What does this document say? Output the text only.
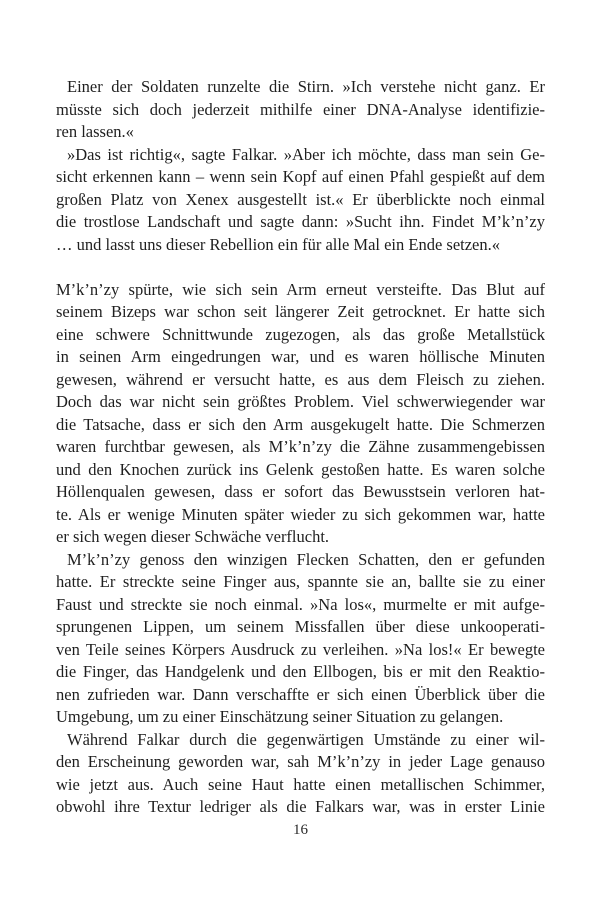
Einer der Soldaten runzelte die Stirn. »Ich verstehe nicht ganz. Er
müsste sich doch jederzeit mithilfe einer DNA-Analyse identifizie-
ren lassen.«
»Das ist richtig«, sagte Falkar. »Aber ich möchte, dass man sein Ge-
sicht erkennen kann – wenn sein Kopf auf einen Pfahl gespießt auf dem
großen Platz von Xenex ausgestellt ist.« Er überblickte noch einmal
die trostlose Landschaft und sagte dann: »Sucht ihn. Findet M’k’n’zy
… und lasst uns dieser Rebellion ein für alle Mal ein Ende setzen.«
M’k’n’zy spürte, wie sich sein Arm erneut versteifte. Das Blut auf
seinem Bizeps war schon seit längerer Zeit getrocknet. Er hatte sich
eine schwere Schnittwunde zugezogen, als das große Metallstück
in seinen Arm eingedrungen war, und es waren höllische Minuten
gewesen, während er versucht hatte, es aus dem Fleisch zu ziehen.
Doch das war nicht sein größtes Problem. Viel schwerwiegender war
die Tatsache, dass er sich den Arm ausgekugelt hatte. Die Schmerzen
waren furchtbar gewesen, als M’k’n’zy die Zähne zusammengebissen
und den Knochen zurück ins Gelenk gestoßen hatte. Es waren solche
Höllenqualen gewesen, dass er sofort das Bewusstsein verloren hat-
te. Als er wenige Minuten später wieder zu sich gekommen war, hatte
er sich wegen dieser Schwäche verflucht.
M’k’n’zy genoss den winzigen Flecken Schatten, den er gefunden
hatte. Er streckte seine Finger aus, spannte sie an, ballte sie zu einer
Faust und streckte sie noch einmal. »Na los«, murmelte er mit aufge-
sprungenen Lippen, um seinem Missfallen über diese unkooperati-
ven Teile seines Körpers Ausdruck zu verleihen. »Na los!« Er bewegte
die Finger, das Handgelenk und den Ellbogen, bis er mit den Reaktio-
nen zufrieden war. Dann verschaffte er sich einen Überblick über die
Umgebung, um zu einer Einschätzung seiner Situation zu gelangen.
Während Falkar durch die gegenwärtigen Umstände zu einer wil-
den Erscheinung geworden war, sah M’k’n’zy in jeder Lage genauso
wie jetzt aus. Auch seine Haut hatte einen metallischen Schimmer,
obwohl ihre Textur ledriger als die Falkars war, was in erster Linie
16
